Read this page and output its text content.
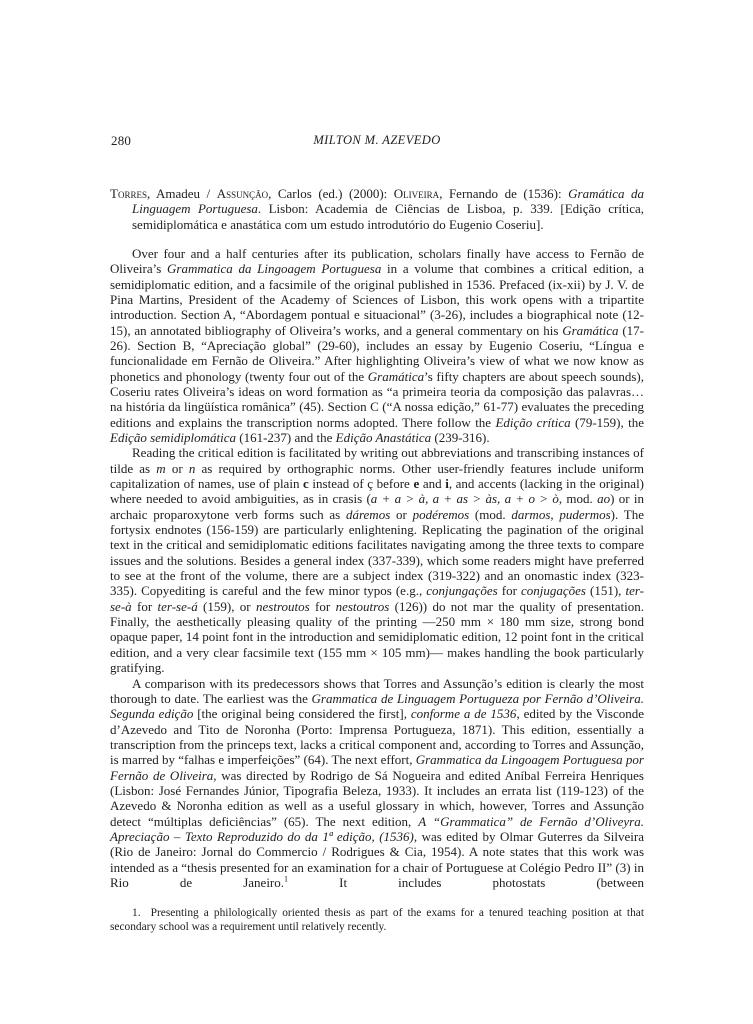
280	MILTON M. AZEVEDO

Torres, Amadeu / Assunção, Carlos (ed.) (2000): Oliveira, Fernando de (1536): Gramática da Linguagem Portuguesa. Lisbon: Academia de Ciências de Lisboa, p. 339. [Edição crítica, semidiplomática e anastática com um estudo introdutório do Eugenio Coseriu].

Over four and a half centuries after its publication, scholars finally have access to Fernão de Oliveira’s Grammatica da Lingoagem Portuguesa in a volume that combines a critical edition, a semidiplomatic edition, and a facsimile of the original published in 1536. Prefaced (ix-xii) by J. V. de Pina Martins, President of the Academy of Sciences of Lisbon, this work opens with a tripartite introduction. Section A, “Abordagem pontual e situacional” (3-26), includes a biographical note (12-15), an annotated bibliography of Oliveira’s works, and a general commentary on his Gramática (17-26). Section B, “Apreciação global” (29-60), includes an essay by Eugenio Coseriu, “Língua e funcionalidade em Fernão de Oliveira.” After highlighting Oliveira’s view of what we now know as phonetics and phonology (twenty four out of the Gramática’s fifty chapters are about speech sounds), Coseriu rates Oliveira’s ideas on word formation as “a primeira teoria da composição das palavras… na história da lingüística românica” (45). Section C (“A nossa edição,” 61-77) evaluates the preceding editions and explains the transcription norms adopted. There follow the Edição crítica (79-159), the Edição semidiplomática (161-237) and the Edição Anastática (239-316).

Reading the critical edition is facilitated by writing out abbreviations and transcribing instances of tilde as m or n as required by orthographic norms. Other user-friendly features include uniform capitalization of names, use of plain c instead of ç before e and i, and accents (lacking in the original) where needed to avoid ambiguities, as in crasis (a + a > à, a + as > às, a + o > ò, mod. ao) or in archaic proparoxytone verb forms such as dáremos or podéremos (mod. darmos, pudermos). The fortysix endnotes (156-159) are particularly enlightening. Replicating the pagination of the original text in the critical and semidiplomatic editions facilitates navigating among the three texts to compare issues and the solutions. Besides a general index (337-339), which some readers might have preferred to see at the front of the volume, there are a subject index (319-322) and an onomastic index (323-335). Copyediting is careful and the few minor typos (e.g., conjungações for conjugações (151), ter-se-à for ter-se-á (159), or nestroutos for nestoutros (126)) do not mar the quality of presentation. Finally, the aesthetically pleasing quality of the printing —250 mm × 180 mm size, strong bond opaque paper, 14 point font in the introduction and semidiplomatic edition, 12 point font in the critical edition, and a very clear facsimile text (155 mm × 105 mm)— makes handling the book particularly gratifying.

A comparison with its predecessors shows that Torres and Assunção’s edition is clearly the most thorough to date. The earliest was the Grammatica de Linguagem Portugueza por Fernão d’Oliveira. Segunda edição [the original being considered the first], conforme a de 1536, edited by the Visconde d’Azevedo and Tito de Noronha (Porto: Imprensa Portugueza, 1871). This edition, essentially a transcription from the princeps text, lacks a critical component and, according to Torres and Assunção, is marred by “falhas e imperfeições” (64). The next effort, Grammatica da Lingoagem Portuguesa por Fernão de Oliveira, was directed by Rodrigo de Sá Nogueira and edited Aníbal Ferreira Henriques (Lisbon: José Fernandes Júnior, Tipografia Beleza, 1933). It includes an errata list (119-123) of the Azevedo & Noronha edition as well as a useful glossary in which, however, Torres and Assunção detect “múltiplas deficiências” (65). The next edition, A “Grammatica” de Fernão d’Oliveyra. Apreciação – Texto Reproduzido do da 1ª edição, (1536), was edited by Olmar Guterres da Silveira (Rio de Janeiro: Jornal do Commercio / Rodrigues & Cia, 1954). A note states that this work was intended as a “thesis presented for an examination for a chair of Portuguese at Colégio Pedro II” (3) in Rio de Janeiro.$^1$ It includes photostats (between

1.  Presenting a philologically oriented thesis as part of the exams for a tenured teaching position at that secondary school was a requirement until relatively recently.
